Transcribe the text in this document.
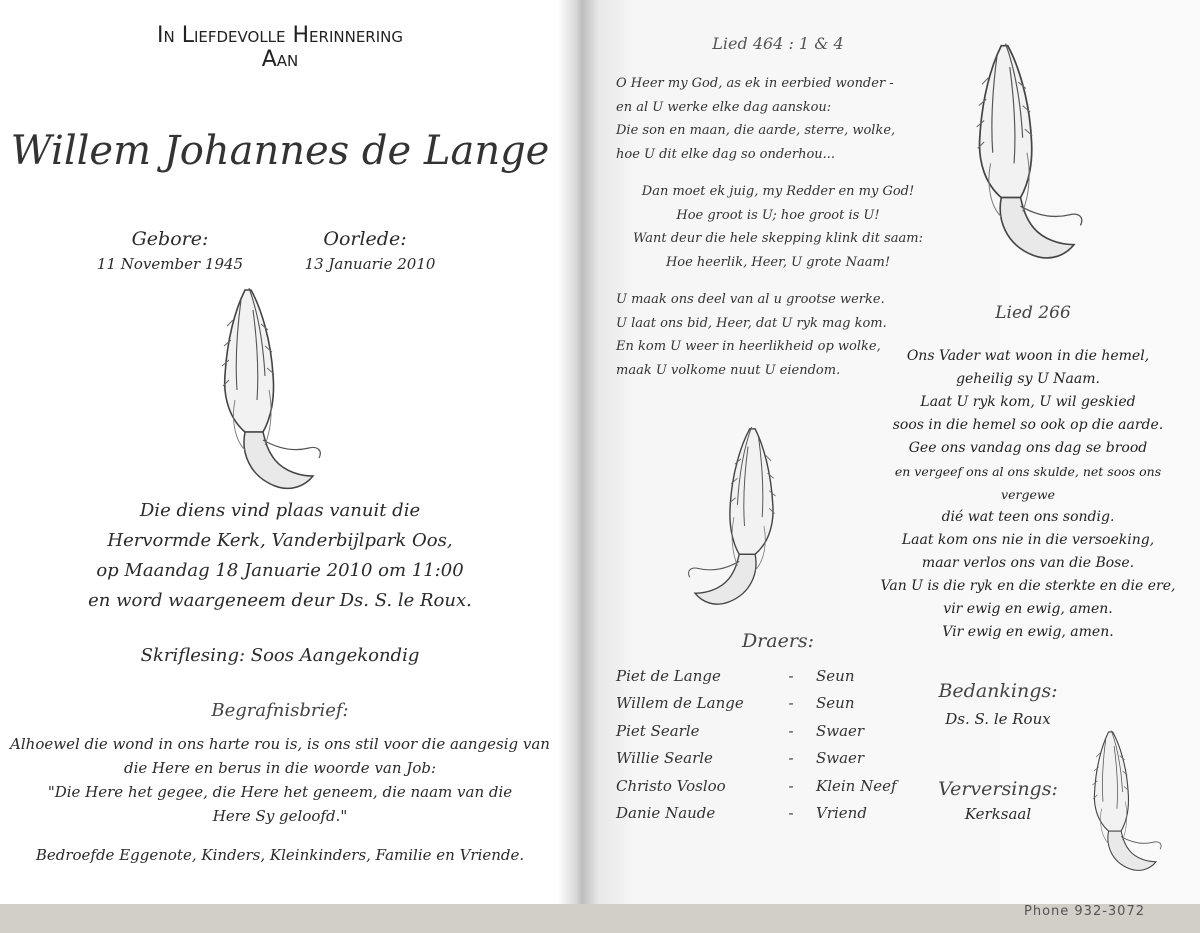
In Liefdevolle Herinnering
Aan
Willem Johannes de Lange
Gebore:
11 November 1945
Oorlede:
13 Januarie 2010
Die diens vind plaas vanuit die
Hervormde Kerk, Vanderbijlpark Oos,
op Maandag 18 Januarie 2010 om 11:00
en word waargeneem deur Ds. S. le Roux.
Skriflesing: Soos Aangekondig
Begrafnisbrief:
Alhoewel die wond in ons harte rou is, is ons stil voor die aangesig van
die Here en berus in die woorde van Job:
"Die Here het gegee, die Here het geneem, die naam van die
Here Sy geloofd."
Bedroefde Eggenote, Kinders, Kleinkinders, Familie en Vriende.
Lied 464 : 1 & 4
O Heer my God, as ek in eerbied wonder -
en al U werke elke dag aanskou:
Die son en maan, die aarde, sterre, wolke,
hoe U dit elke dag so onderhou...
Dan moet ek juig, my Redder en my God!
Hoe groot is U; hoe groot is U!
Want deur die hele skepping klink dit saam:
Hoe heerlik, Heer, U grote Naam!
U maak ons deel van al u grootse werke.
U laat ons bid, Heer, dat U ryk mag kom.
En kom U weer in heerlikheid op wolke,
maak U volkome nuut U eiendom.
Lied 266
Ons Vader wat woon in die hemel,
geheilig sy U Naam.
Laat U ryk kom, U wil geskied
soos in die hemel so ook op die aarde.
Gee ons vandag ons dag se brood
en vergeef ons al ons skulde, net soos ons vergewe
dié wat teen ons sondig.
Laat kom ons nie in die versoeking,
maar verlos ons van die Bose.
Van U is die ryk en die sterkte en die ere,
vir ewig en ewig, amen.
Vir ewig en ewig, amen.
Draers:
Piet de Lange	-	Seun
Willem de Lange	-	Seun
Piet Searle	-	Swaer
Willie Searle	-	Swaer
Christo Vosloo	-	Klein Neef
Danie Naude	-	Vriend
Bedankings:
Ds. S. le Roux
Verversings:
Kerksaal
Phone 932-3072
